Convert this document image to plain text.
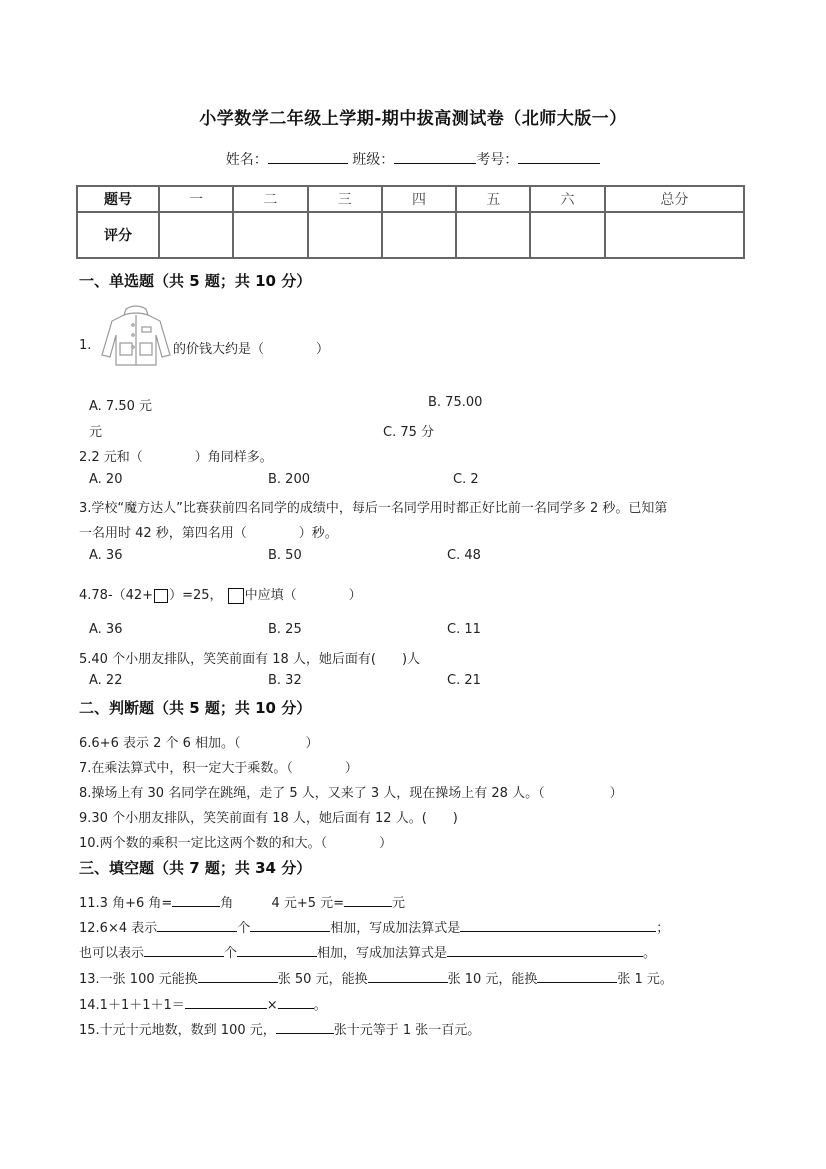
小学数学二年级上学期-期中拔高测试卷（北师大版一）
姓名：	班级：	考号：
题号	一	二	三	四	五	六	总分
评分							
一、单选题（共 5 题；共 10 分）
1.	的价钱大约是（　　　　）
A. 7.50 元	B. 75.00
元	C. 75 分
2.2 元和（　　　　）角同样多。
A. 20	B. 200	C. 2
3.学校“魔方达人”比赛获前四名同学的成绩中，每后一名同学用时都正好比前一名同学多 2 秒。已知第
一名用时 42 秒，第四名用（　　　　）秒。
A. 36	B. 50	C. 48
4.78-（42+ ）=25， 中应填（　　　　）
A. 36	B. 25	C. 11
5.40 个小朋友排队，笑笑前面有 18 人，她后面有(　　)人
A. 22	B. 32	C. 21
二、判断题（共 5 题；共 10 分）
6.6+6 表示 2 个 6 相加。（　　　　　）
7.在乘法算式中，积一定大于乘数。（　　　　）
8.操场上有 30 名同学在跳绳，走了 5 人，又来了 3 人，现在操场上有 28 人。（　　　　　）
9.30 个小朋友排队，笑笑前面有 18 人，她后面有 12 人。(　　)
10.两个数的乘积一定比这两个数的和大。（　　　　）
三、填空题（共 7 题；共 34 分）
11.3 角+6 角=	角	4 元+5 元=	元
12.6×4 表示	个	相加，写成加法算式是	；
也可以表示	个	相加，写成加法算式是	。
13.一张 100 元能换	张 50 元，能换	张 10 元，能换	张 1 元。
14.1＋1＋1＋1＝	×	。
15.十元十元地数，数到 100 元，	张十元等于 1 张一百元。
